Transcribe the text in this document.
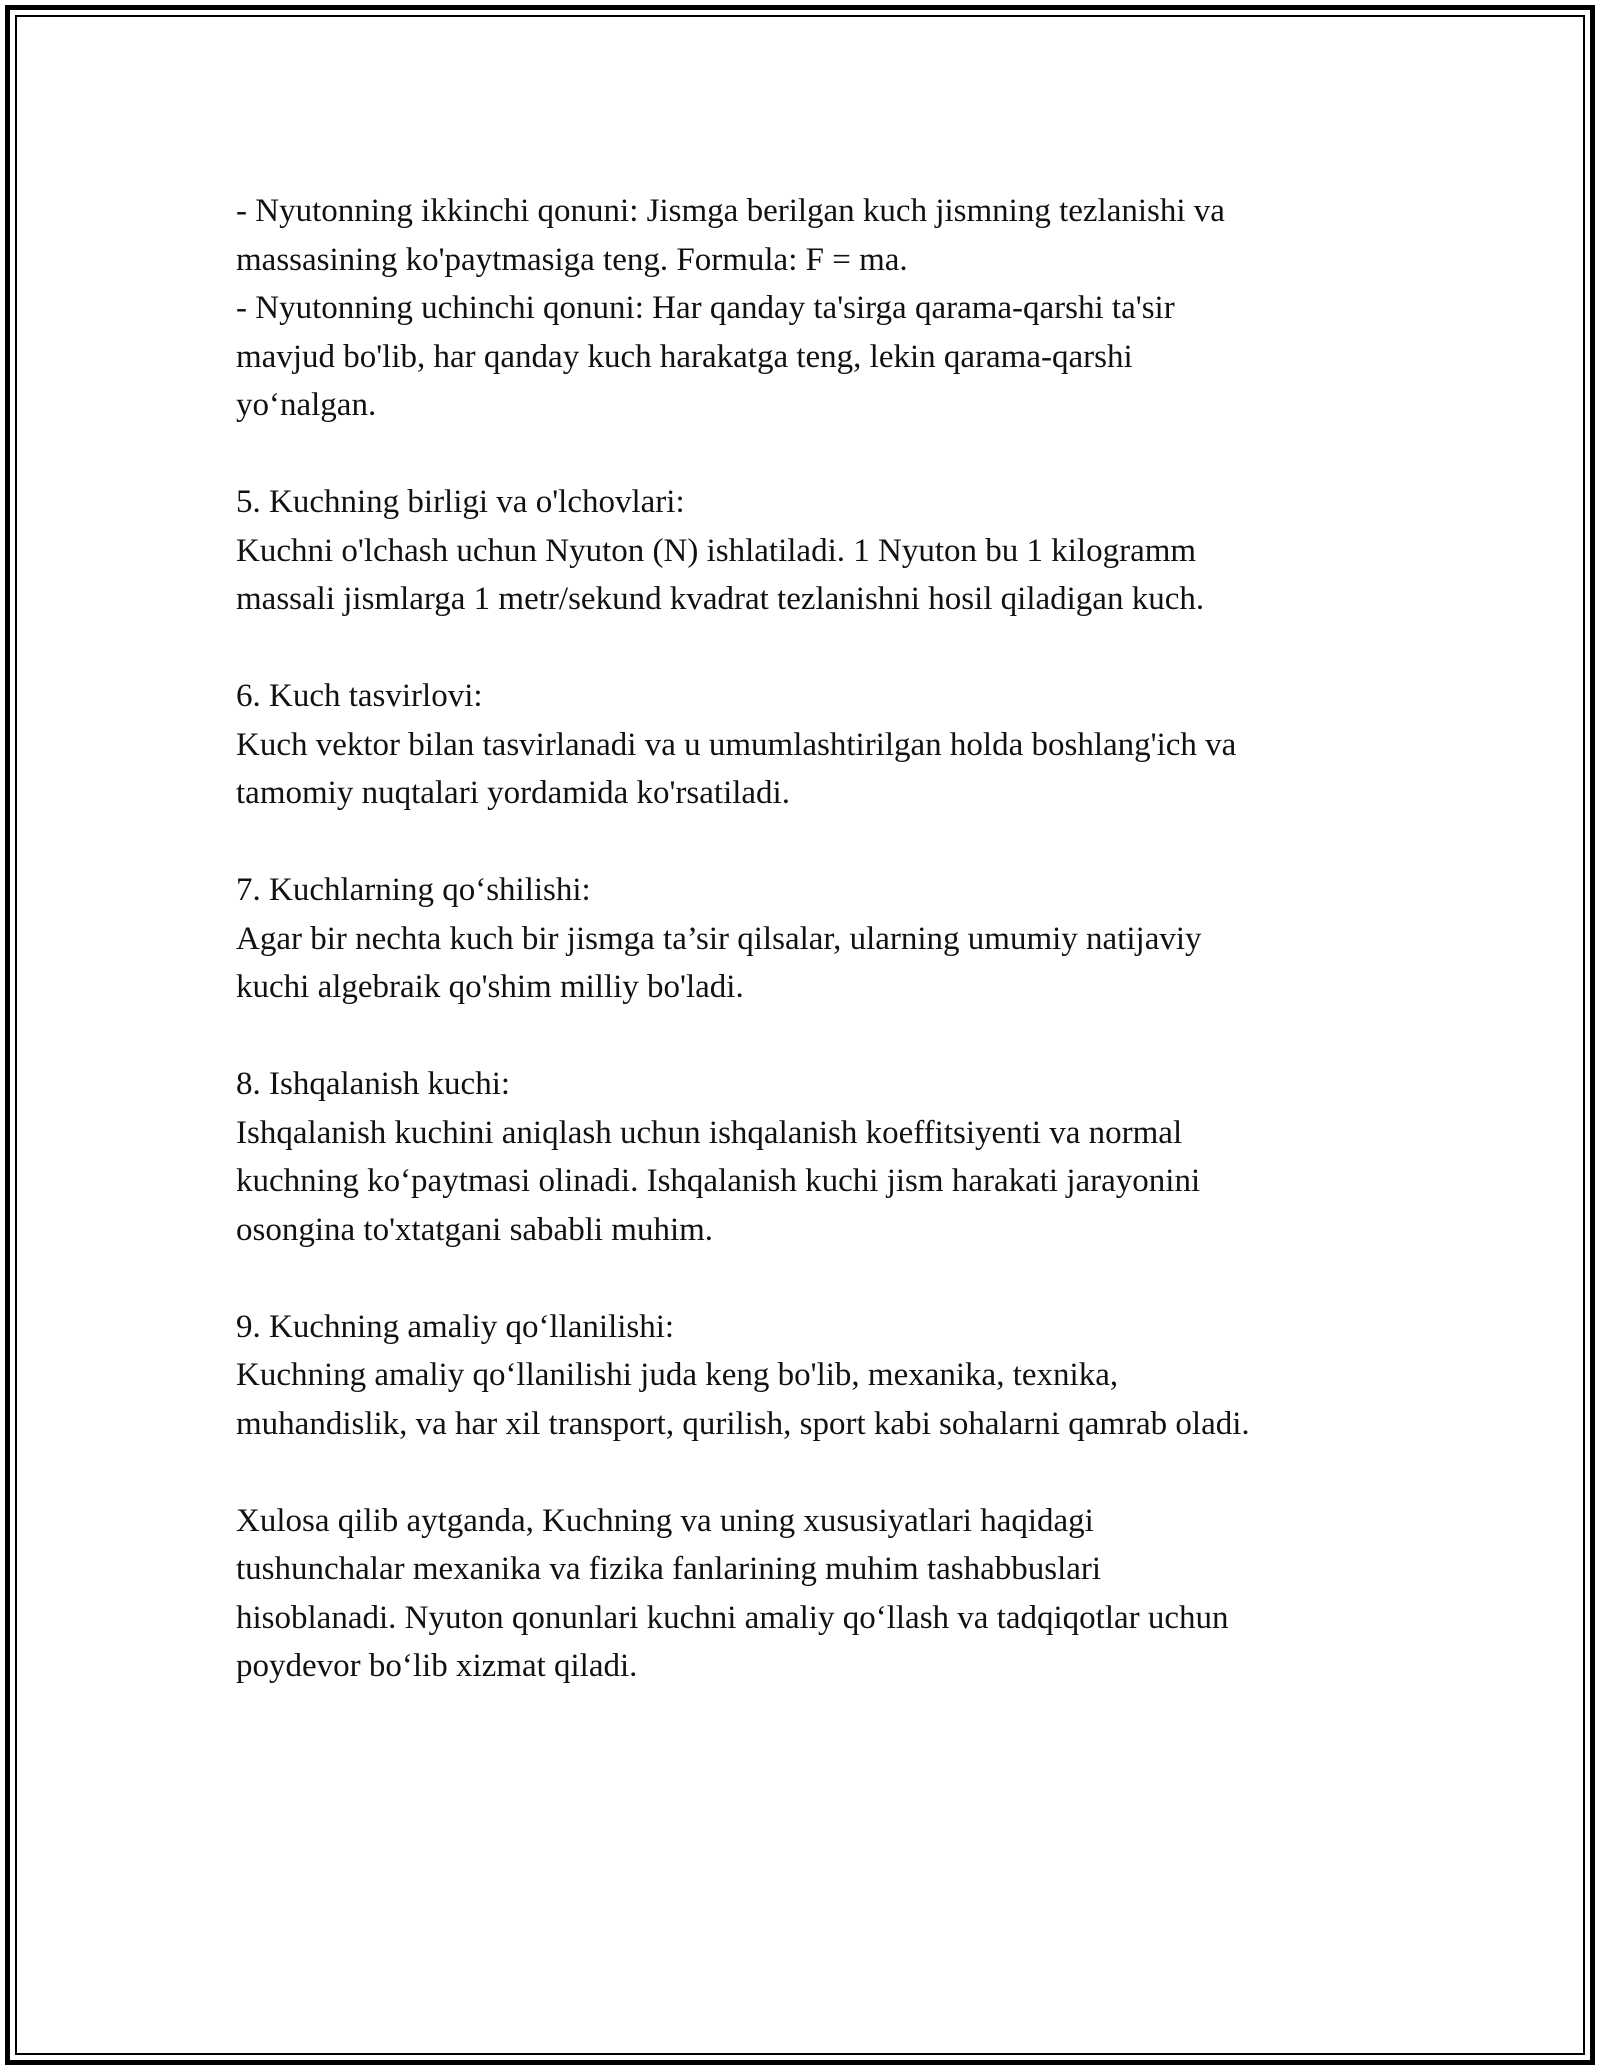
- Nyutonning ikkinchi qonuni: Jismga berilgan kuch jismning tezlanishi va

massasining ko'paytmasiga teng. Formula: F = ma.

- Nyutonning uchinchi qonuni: Har qanday ta'sirga qarama-qarshi ta'sir

mavjud bo'lib, har qanday kuch harakatga teng, lekin qarama-qarshi

yo‘nalgan.

5. Kuchning birligi va o'lchovlari:

Kuchni o'lchash uchun Nyuton (N) ishlatiladi. 1 Nyuton bu 1 kilogramm

massali jismlarga 1 metr/sekund kvadrat tezlanishni hosil qiladigan kuch.

6. Kuch tasvirlovi:

Kuch vektor bilan tasvirlanadi va u umumlashtirilgan holda boshlang'ich va

tamomiy nuqtalari yordamida ko'rsatiladi.

7. Kuchlarning qo‘shilishi:

Agar bir nechta kuch bir jismga ta’sir qilsalar, ularning umumiy natijaviy

kuchi algebraik qo'shim milliy bo'ladi.

8. Ishqalanish kuchi:

Ishqalanish kuchini aniqlash uchun ishqalanish koeffitsiyenti va normal

kuchning ko‘paytmasi olinadi. Ishqalanish kuchi jism harakati jarayonini

osongina to'xtatgani sababli muhim.

9. Kuchning amaliy qo‘llanilishi:

Kuchning amaliy qo‘llanilishi juda keng bo'lib, mexanika, texnika,

muhandislik, va har xil transport, qurilish, sport kabi sohalarni qamrab oladi.

Xulosa qilib aytganda, Kuchning va uning xususiyatlari haqidagi

tushunchalar mexanika va fizika fanlarining muhim tashabbuslari

hisoblanadi. Nyuton qonunlari kuchni amaliy qo‘llash va tadqiqotlar uchun

poydevor bo‘lib xizmat qiladi.
